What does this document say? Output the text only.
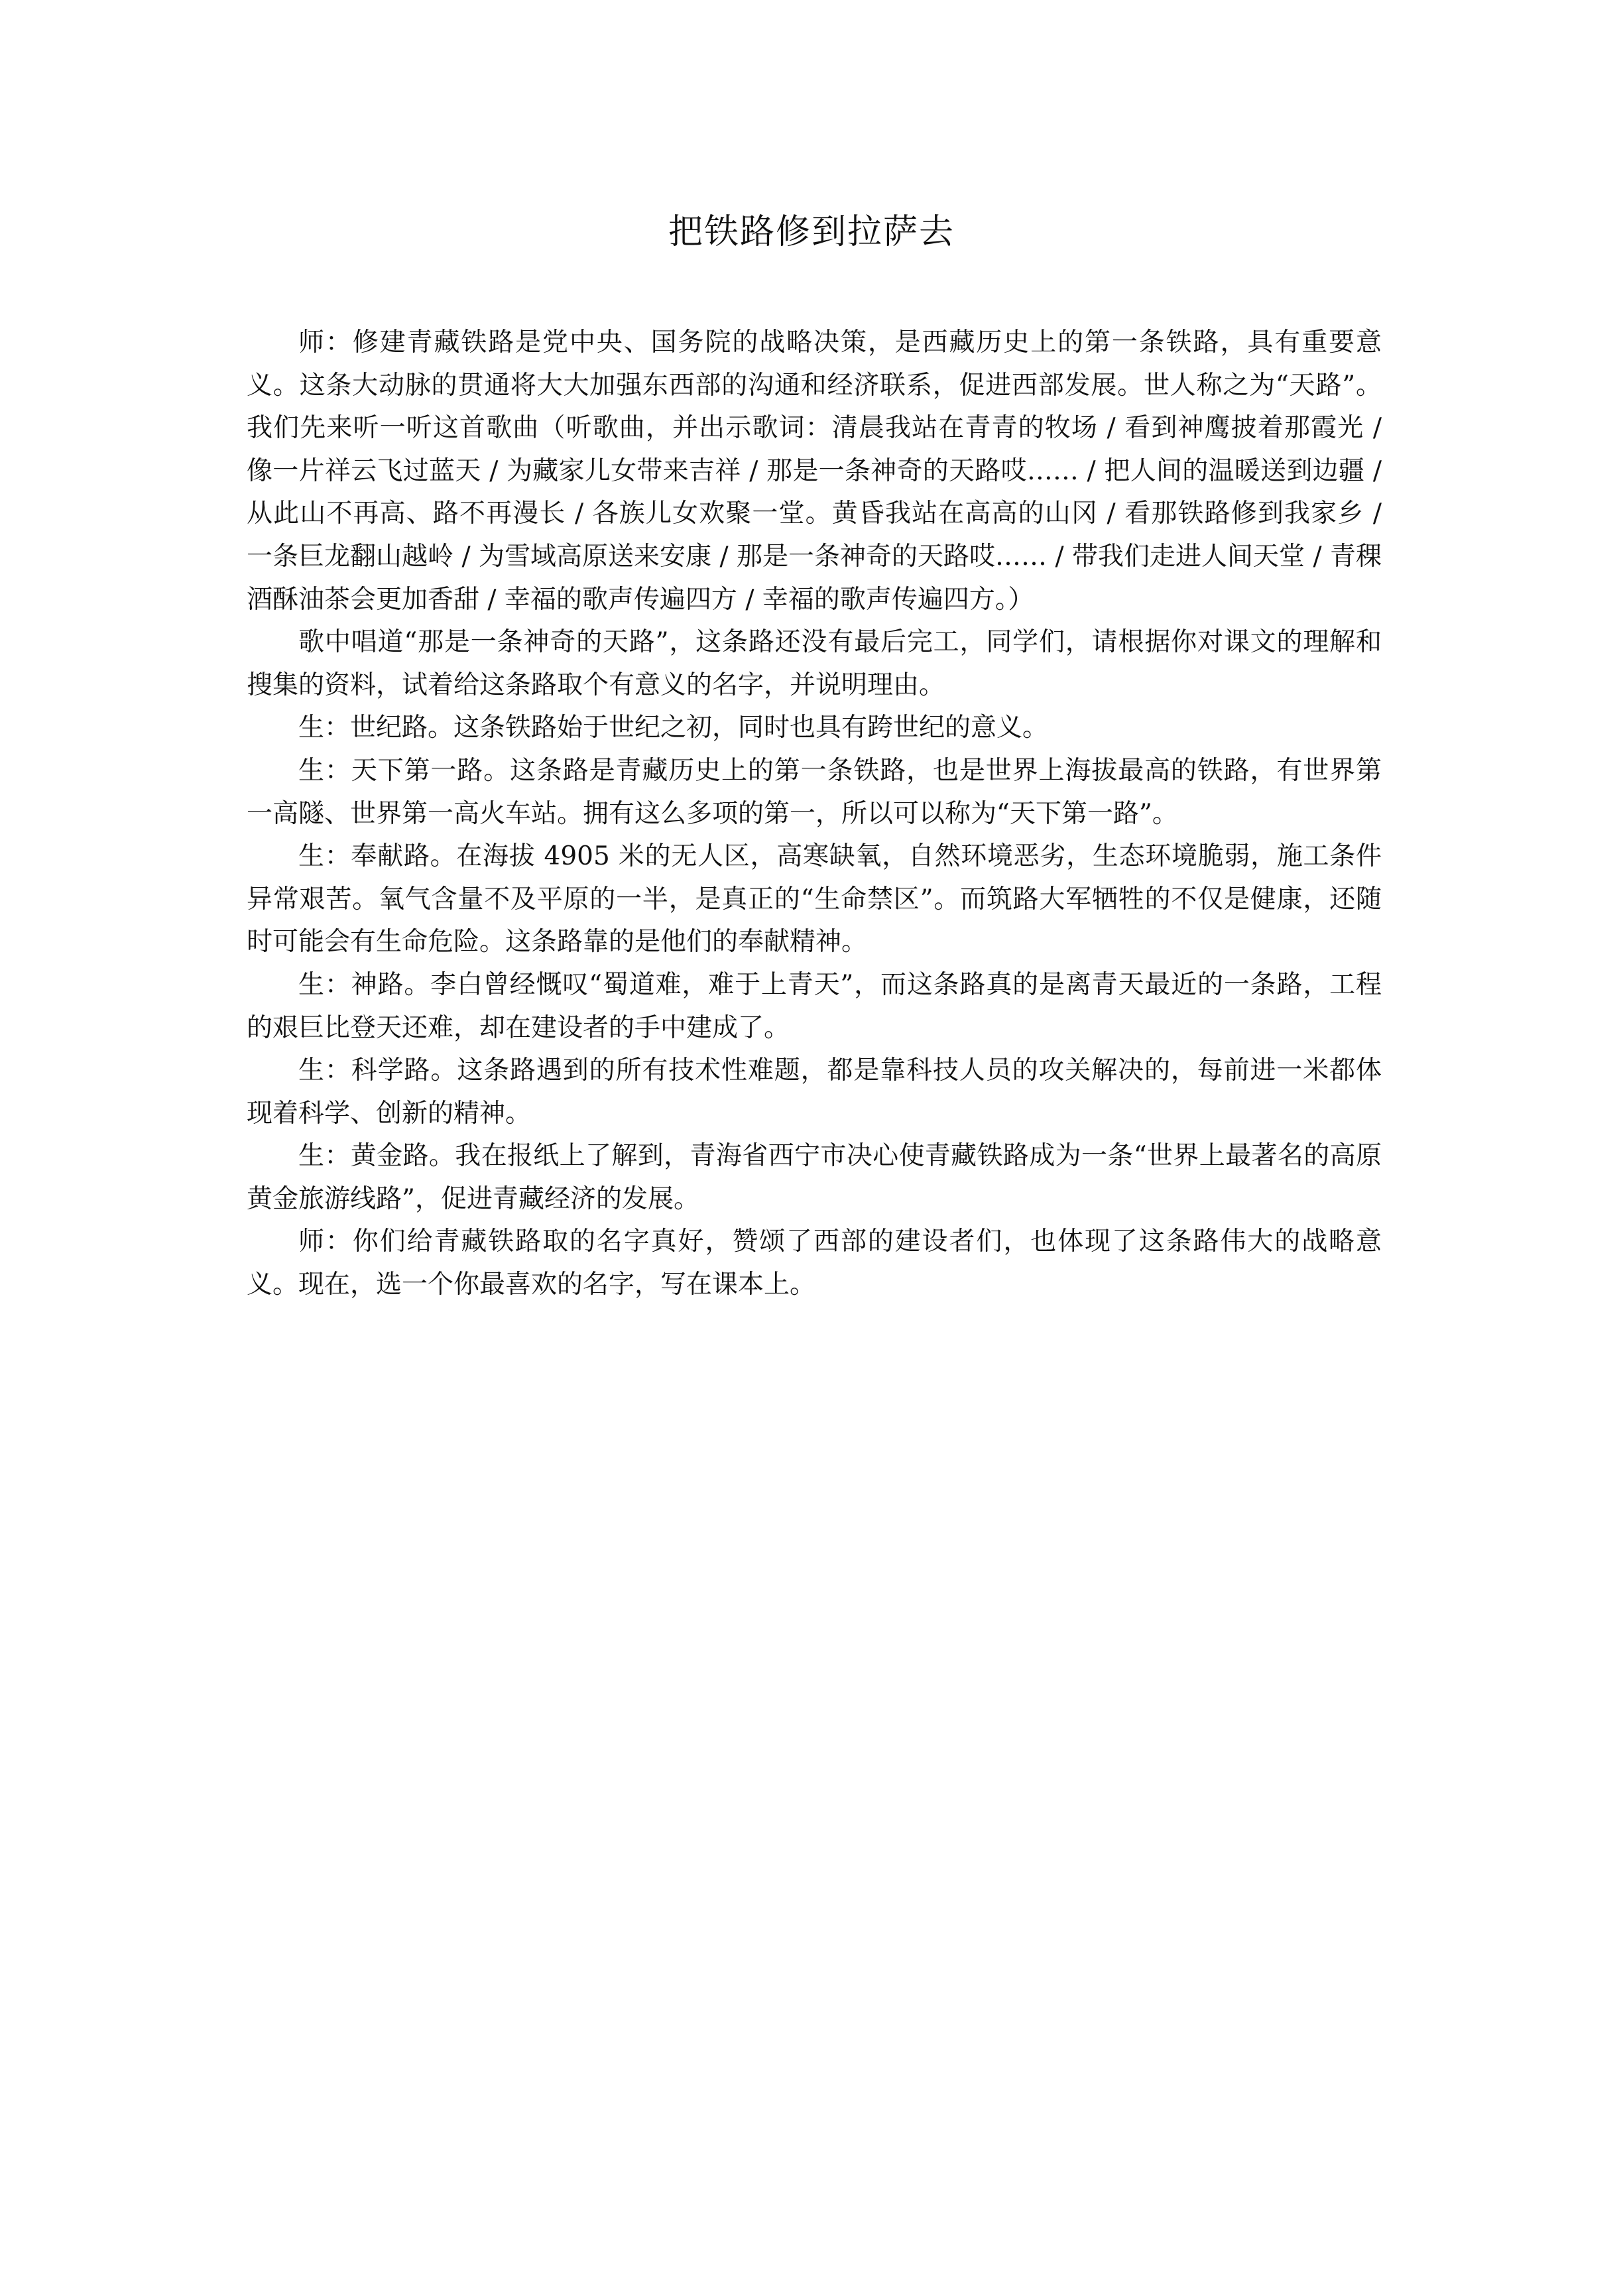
把铁路修到拉萨去

师：修建青藏铁路是党中央、国务院的战略决策，是西藏历史上的第一条铁路，具有重要意义。这条大动脉的贯通将大大加强东西部的沟通和经济联系，促进西部发展。世人称之为“天路”。我们先来听一听这首歌曲（听歌曲，并出示歌词：清晨我站在青青的牧场 / 看到神鹰披着那霞光 / 像一片祥云飞过蓝天 / 为藏家儿女带来吉祥 / 那是一条神奇的天路哎…… / 把人间的温暖送到边疆 / 从此山不再高、路不再漫长 / 各族儿女欢聚一堂。黄昏我站在高高的山冈 / 看那铁路修到我家乡 / 一条巨龙翻山越岭 / 为雪域高原送来安康 / 那是一条神奇的天路哎…… / 带我们走进人间天堂 / 青稞酒酥油茶会更加香甜 / 幸福的歌声传遍四方 / 幸福的歌声传遍四方。）

歌中唱道“那是一条神奇的天路”，这条路还没有最后完工，同学们，请根据你对课文的理解和搜集的资料，试着给这条路取个有意义的名字，并说明理由。

生：世纪路。这条铁路始于世纪之初，同时也具有跨世纪的意义。

生：天下第一路。这条路是青藏历史上的第一条铁路，也是世界上海拔最高的铁路，有世界第一高隧、世界第一高火车站。拥有这么多项的第一，所以可以称为“天下第一路”。

生：奉献路。在海拔 4905 米的无人区，高寒缺氧，自然环境恶劣，生态环境脆弱，施工条件异常艰苦。氧气含量不及平原的一半，是真正的“生命禁区”。而筑路大军牺牲的不仅是健康，还随时可能会有生命危险。这条路靠的是他们的奉献精神。

生：神路。李白曾经慨叹“蜀道难，难于上青天”，而这条路真的是离青天最近的一条路，工程的艰巨比登天还难，却在建设者的手中建成了。

生：科学路。这条路遇到的所有技术性难题，都是靠科技人员的攻关解决的，每前进一米都体现着科学、创新的精神。

生：黄金路。我在报纸上了解到，青海省西宁市决心使青藏铁路成为一条“世界上最著名的高原黄金旅游线路”，促进青藏经济的发展。

师：你们给青藏铁路取的名字真好，赞颂了西部的建设者们，也体现了这条路伟大的战略意义。现在，选一个你最喜欢的名字，写在课本上。
